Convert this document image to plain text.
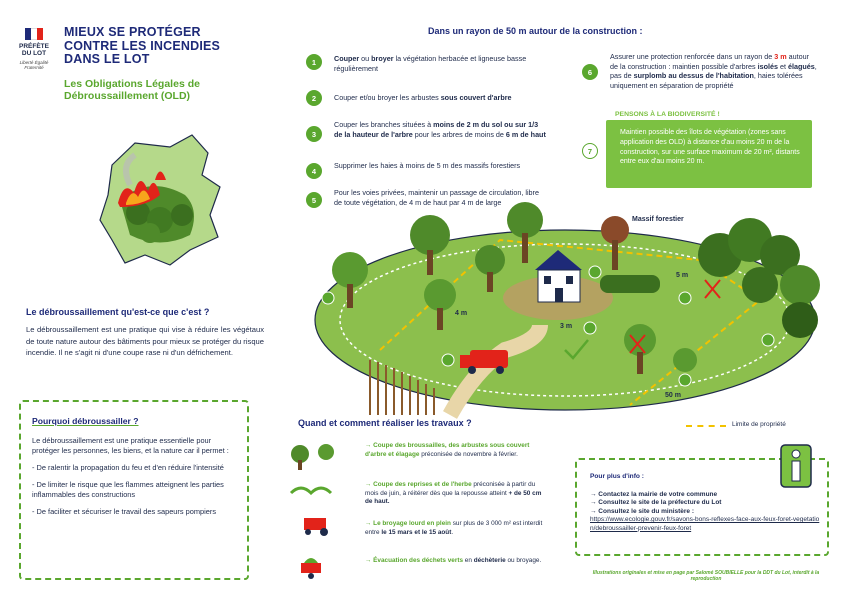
PRÉFÈTE
DU LOT
Liberté Égalité Fraternité
MIEUX SE PROTÉGER
CONTRE LES INCENDIES
DANS LE LOT
Les Obligations Légales de
Débroussaillement (OLD)
Le débroussaillement qu'est-ce que c'est ?
Le débroussaillement est une pratique qui vise à réduire les végétaux de toute nature autour des bâtiments pour mieux se protéger du risque incendie. Il ne s'agit ni d'une coupe rase ni d'un défrichement.
Pourquoi débroussailler ?

Le débroussaillement est une pratique essentielle pour protéger les personnes, les biens, et la nature car il permet :

- De ralentir la propagation du feu et d'en réduire l'intensité

- De limiter le risque que les flammes atteignent les parties inflammables des constructions

- De faciliter et sécuriser le travail des sapeurs pompiers

Dans un rayon de 50 m autour de la construction :
1	Couper ou broyer la végétation herbacée et ligneuse basse régulièrement
2	Couper et/ou broyer les arbustes sous couvert d'arbre
3
Couper les branches situées à moins de 2 m du sol ou sur 1/3 de la hauteur de l'arbre pour les arbres de moins de 6 m de haut
4
Supprimer les haies à moins de 5 m des massifs forestiers
5
Pour les voies privées, maintenir un passage de circulation, libre de toute végétation, de 4 m de haut par 4 m de large
6
Assurer une protection renforcée dans un rayon de 3 m autour de la construction : maintien possible d'arbres isolés et élagués, pas de surplomb au dessus de l'habitation, haies tolérées uniquement en séparation de propriété
PENSONS À LA BIODIVERSITÉ !
Maintien possible des îlots de végétation (zones sans application des OLD) à distance d'au moins 20 m de la construction, sur une surface maximum de 20 m², distants entre eux d'au moins 20 m.
7
Massif forestier
5 m
4 m
3 m
50 m
Limite de propriété
Quand et comment réaliser les travaux ?
→ Coupe des broussailles, des arbustes sous couvert d'arbre et élagage préconisée de novembre à février.
→ Coupe des reprises et de l'herbe préconisée à partir du mois de juin, à réitérer dès que la repousse atteint + de 50 cm de haut.
→ Le broyage lourd en plein sur plus de 3 000 m² est interdit entre le 15 mars et le 15 août.
→ Évacuation des déchets verts en déchèterie ou broyage.
Pour plus d'info :
→ Contactez la mairie de votre commune
→ Consultez le site de la préfecture du Lot
→ Consultez le site du ministère :
https://www.ecologie.gouv.fr/savons-bons-reflexes-face-aux-feux-foret-vegetation/debroussailler-prevenir-feux-foret
Illustrations originales et mise en page par Salomé SOUBIELLE pour la DDT du Lot, interdit à la reproduction
